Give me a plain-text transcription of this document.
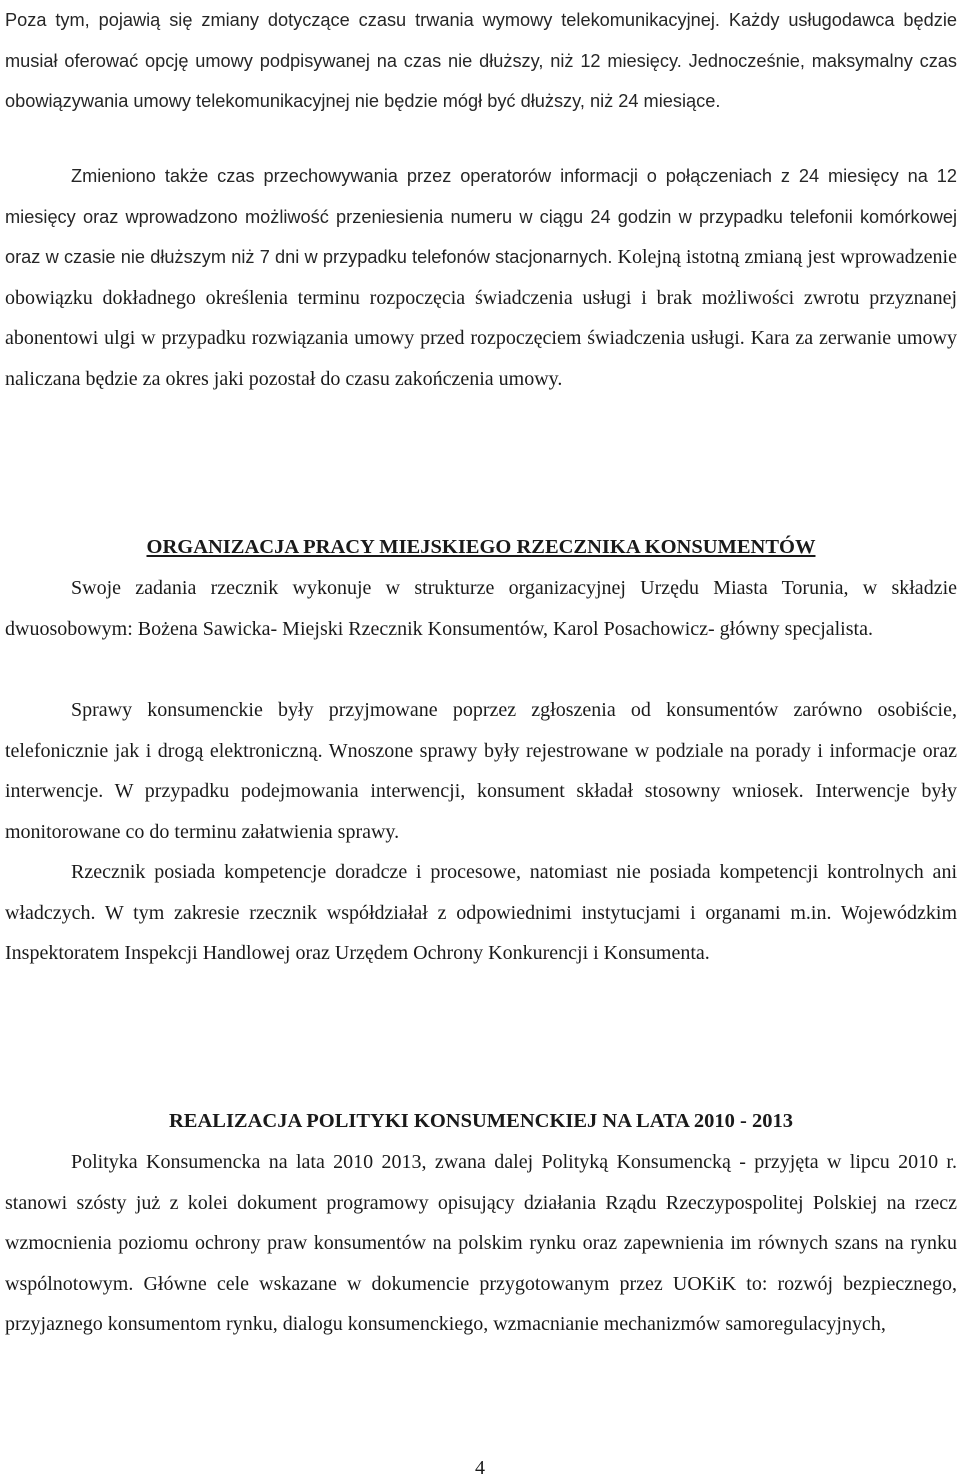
Poza tym, pojawią się zmiany dotyczące czasu trwania wymowy telekomunikacyjnej. Każdy usługodawca będzie musiał oferować opcję umowy podpisywanej na czas nie dłuższy, niż 12 miesięcy. Jednocześnie, maksymalny czas obowiązywania umowy telekomunikacyjnej nie będzie mógł być dłuższy, niż 24 miesiące.

Zmieniono także czas przechowywania przez operatorów informacji o połączeniach z 24 miesięcy na 12 miesięcy oraz wprowadzono możliwość przeniesienia numeru w ciągu 24 godzin w przypadku telefonii komórkowej oraz w czasie nie dłuższym niż 7 dni w przypadku telefonów stacjonarnych. Kolejną istotną zmianą jest wprowadzenie obowiązku dokładnego określenia terminu rozpoczęcia świadczenia usługi i brak możliwości zwrotu przyznanej abonentowi ulgi w przypadku rozwiązania umowy przed rozpoczęciem świadczenia usługi. Kara za zerwanie umowy naliczana będzie za okres jaki pozostał do czasu zakończenia umowy.

ORGANIZACJA PRACY MIEJSKIEGO RZECZNIKA KONSUMENTÓW

Swoje zadania rzecznik wykonuje w strukturze organizacyjnej Urzędu Miasta Torunia, w składzie dwuosobowym: Bożena Sawicka- Miejski Rzecznik Konsumentów, Karol Posachowicz- główny specjalista.

Sprawy konsumenckie były przyjmowane poprzez zgłoszenia od konsumentów zarówno osobiście, telefonicznie jak i drogą elektroniczną. Wnoszone sprawy były rejestrowane w podziale na porady i informacje oraz interwencje. W przypadku podejmowania interwencji, konsument składał stosowny wniosek. Interwencje były monitorowane co do terminu załatwienia sprawy.

Rzecznik posiada kompetencje doradcze i procesowe, natomiast nie posiada kompetencji kontrolnych ani władczych. W tym zakresie rzecznik współdziałał z odpowiednimi instytucjami i organami m.in. Wojewódzkim Inspektoratem Inspekcji Handlowej oraz Urzędem Ochrony Konkurencji i Konsumenta.

REALIZACJA POLITYKI KONSUMENCKIEJ NA LATA 2010 - 2013

Polityka Konsumencka na lata 2010 2013, zwana dalej Polityką Konsumencką - przyjęta w lipcu 2010 r. stanowi szósty już z kolei dokument programowy opisujący działania Rządu Rzeczypospolitej Polskiej na rzecz wzmocnienia poziomu ochrony praw konsumentów na polskim rynku oraz zapewnienia im równych szans na rynku wspólnotowym. Główne cele wskazane w dokumencie przygotowanym przez UOKiK to: rozwój bezpiecznego, przyjaznego konsumentom rynku, dialogu konsumenckiego, wzmacnianie mechanizmów samoregulacyjnych,

4
